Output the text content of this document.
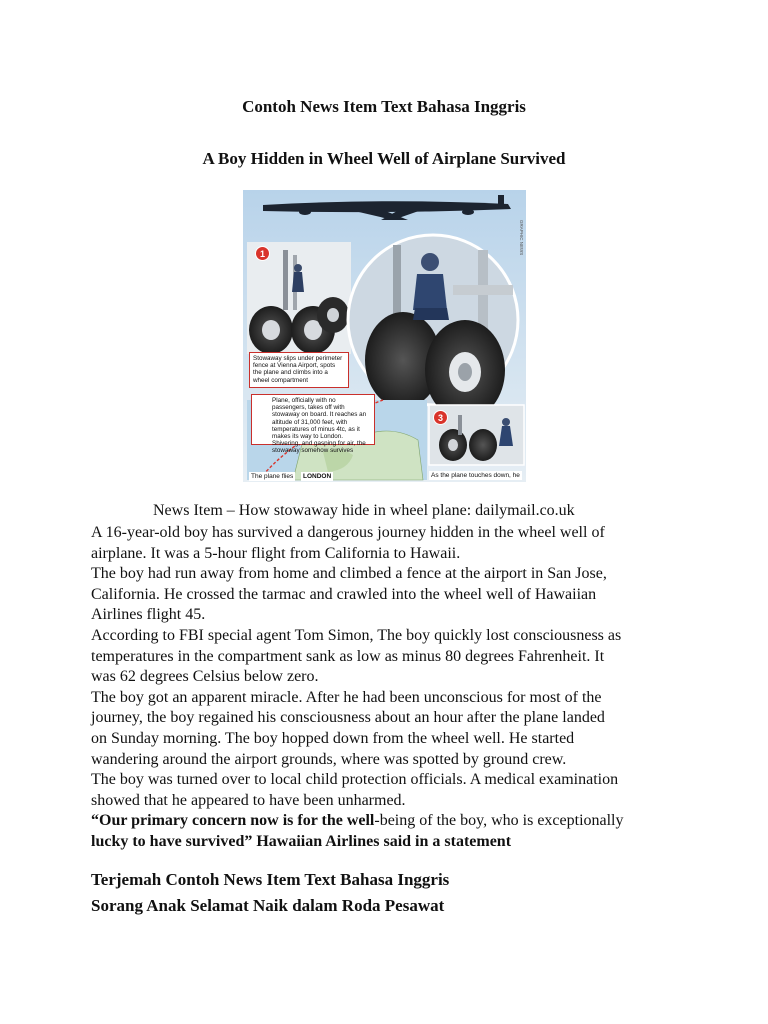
Contoh News Item Text Bahasa Inggris
A Boy Hidden in Wheel Well of Airplane Survived
1
Stowaway slips under perimeter fence at Vienna Airport, spots the plane and climbs into a wheel compartment
Plane, officially with no passengers, takes off with stowaway on board. It reaches an altitude of 31,000 feet, with temperatures of minus 4tc, as it makes its way to London. Shivering, and gasping for air, the stowaway somehow survives
3
The plane flies	LONDON	As the plane touches down, he
GRAPHIC NEWS

News Item – How stowaway hide in wheel plane: dailymail.co.uk

A 16-year-old boy has survived a dangerous journey hidden in the wheel well of

airplane. It was a 5-hour flight from California to Hawaii.

The boy had run away from home and climbed a fence at the airport in San Jose,

California. He crossed the tarmac and crawled into the wheel well of Hawaiian

Airlines flight 45.

According to FBI special agent Tom Simon, The boy quickly lost consciousness as

temperatures in the compartment sank as low as minus 80 degrees Fahrenheit. It

was 62 degrees Celsius below zero.

The boy got an apparent miracle. After he had been unconscious for most of the

journey, the boy regained his consciousness about an hour after the plane landed

on Sunday morning. The boy hopped down from the wheel well. He started

wandering around the airport grounds, where was spotted by ground crew.

The boy was turned over to local child protection officials. A medical examination

showed that he appeared to have been unharmed.

“Our primary concern now is for the well-being of the boy, who is exceptionally

lucky to have survived” Hawaiian Airlines said in a statement

Terjemah Contoh News Item Text Bahasa Inggris
Sorang Anak Selamat Naik dalam Roda Pesawat
